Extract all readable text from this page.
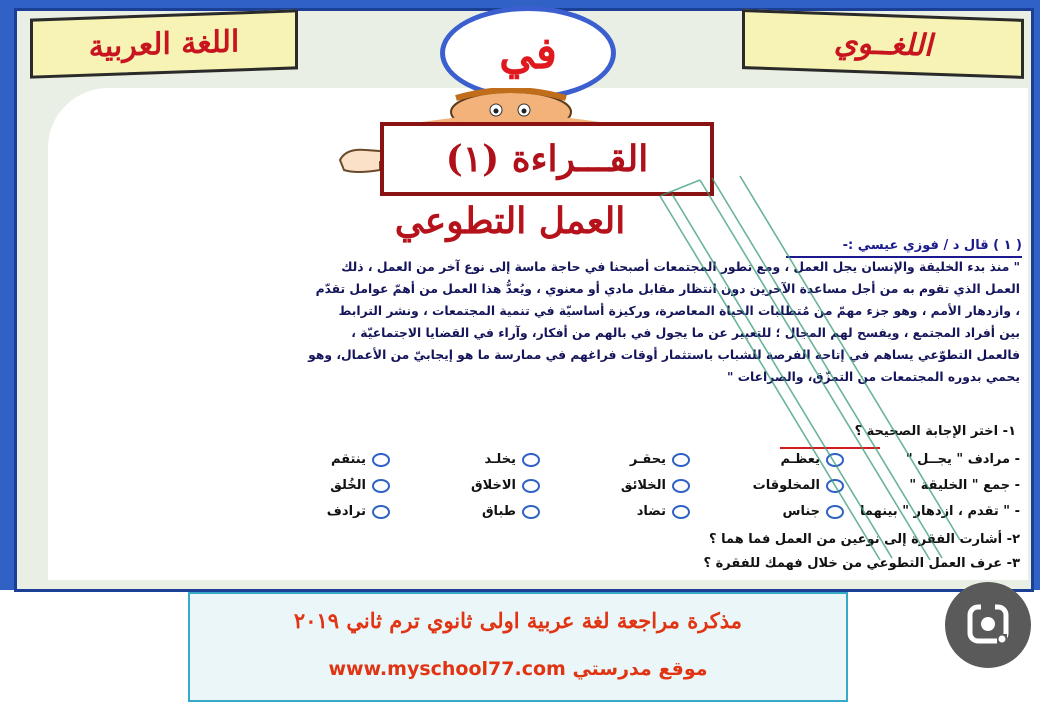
اللغة العربية	اللغــوي
في
(١) القـــراءة
العمل التطوعي
( ١ ) قال د / فوزي عيسي :-

" منذ بدء الخليقة والإنسان يجل العمل ، ومع تطور المجتمعات أصبحنا في حاجة ماسة إلى نوع آخر من العمل ، ذلك

العمل الذي تقوم به من أجل مساعدة الآخرين دون انتظار مقابل مادي أو معنوي ، ويُعدُّ هذا العمل من أهمّ عوامل تقدّم

، وازدهار الأمم ، وهو جزء مهمّ من مُتطلبات الحياة المعاصرة، وركيزة أساسيّة في تنمية المجتمعات ، ونشر الترابط

بين أفراد المجتمع ، ويفسح لهم المجال ؛ للتعبير عن ما يجول في بالهم من أفكار، وآراء في القضايا الاجتماعيّة ،

فالعمل التطوّعي يساهم في إتاحة الفرصة للشباب باستثمار أوقات فراغهم في ممارسة ما هو إيجابيّ من الأعمال، وهو

يحمي بدوره المجتمعات من التمزّق، والصراعات "

١- اختر الإجابة الصحيحة ؟
- مرادف " يجــل "
يعظـم
يحقـر
يخلـد
ينتقم
- جمع " الخليقة "
المخلوقات
الخلائق
الاخلاق
الخُلق
- " تقدم ، ازدهار " بينهما
جناس
تضاد
طباق
ترادف
٢- أشارت الفقرة إلى نوعين من العمل فما هما ؟
٣- عرف العمل التطوعي من خلال فهمك للفقرة ؟
مذكرة مراجعة لغة عربية اولى ثانوي ترم ثاني ٢٠١٩
موقع مدرستي www.myschool77.com
